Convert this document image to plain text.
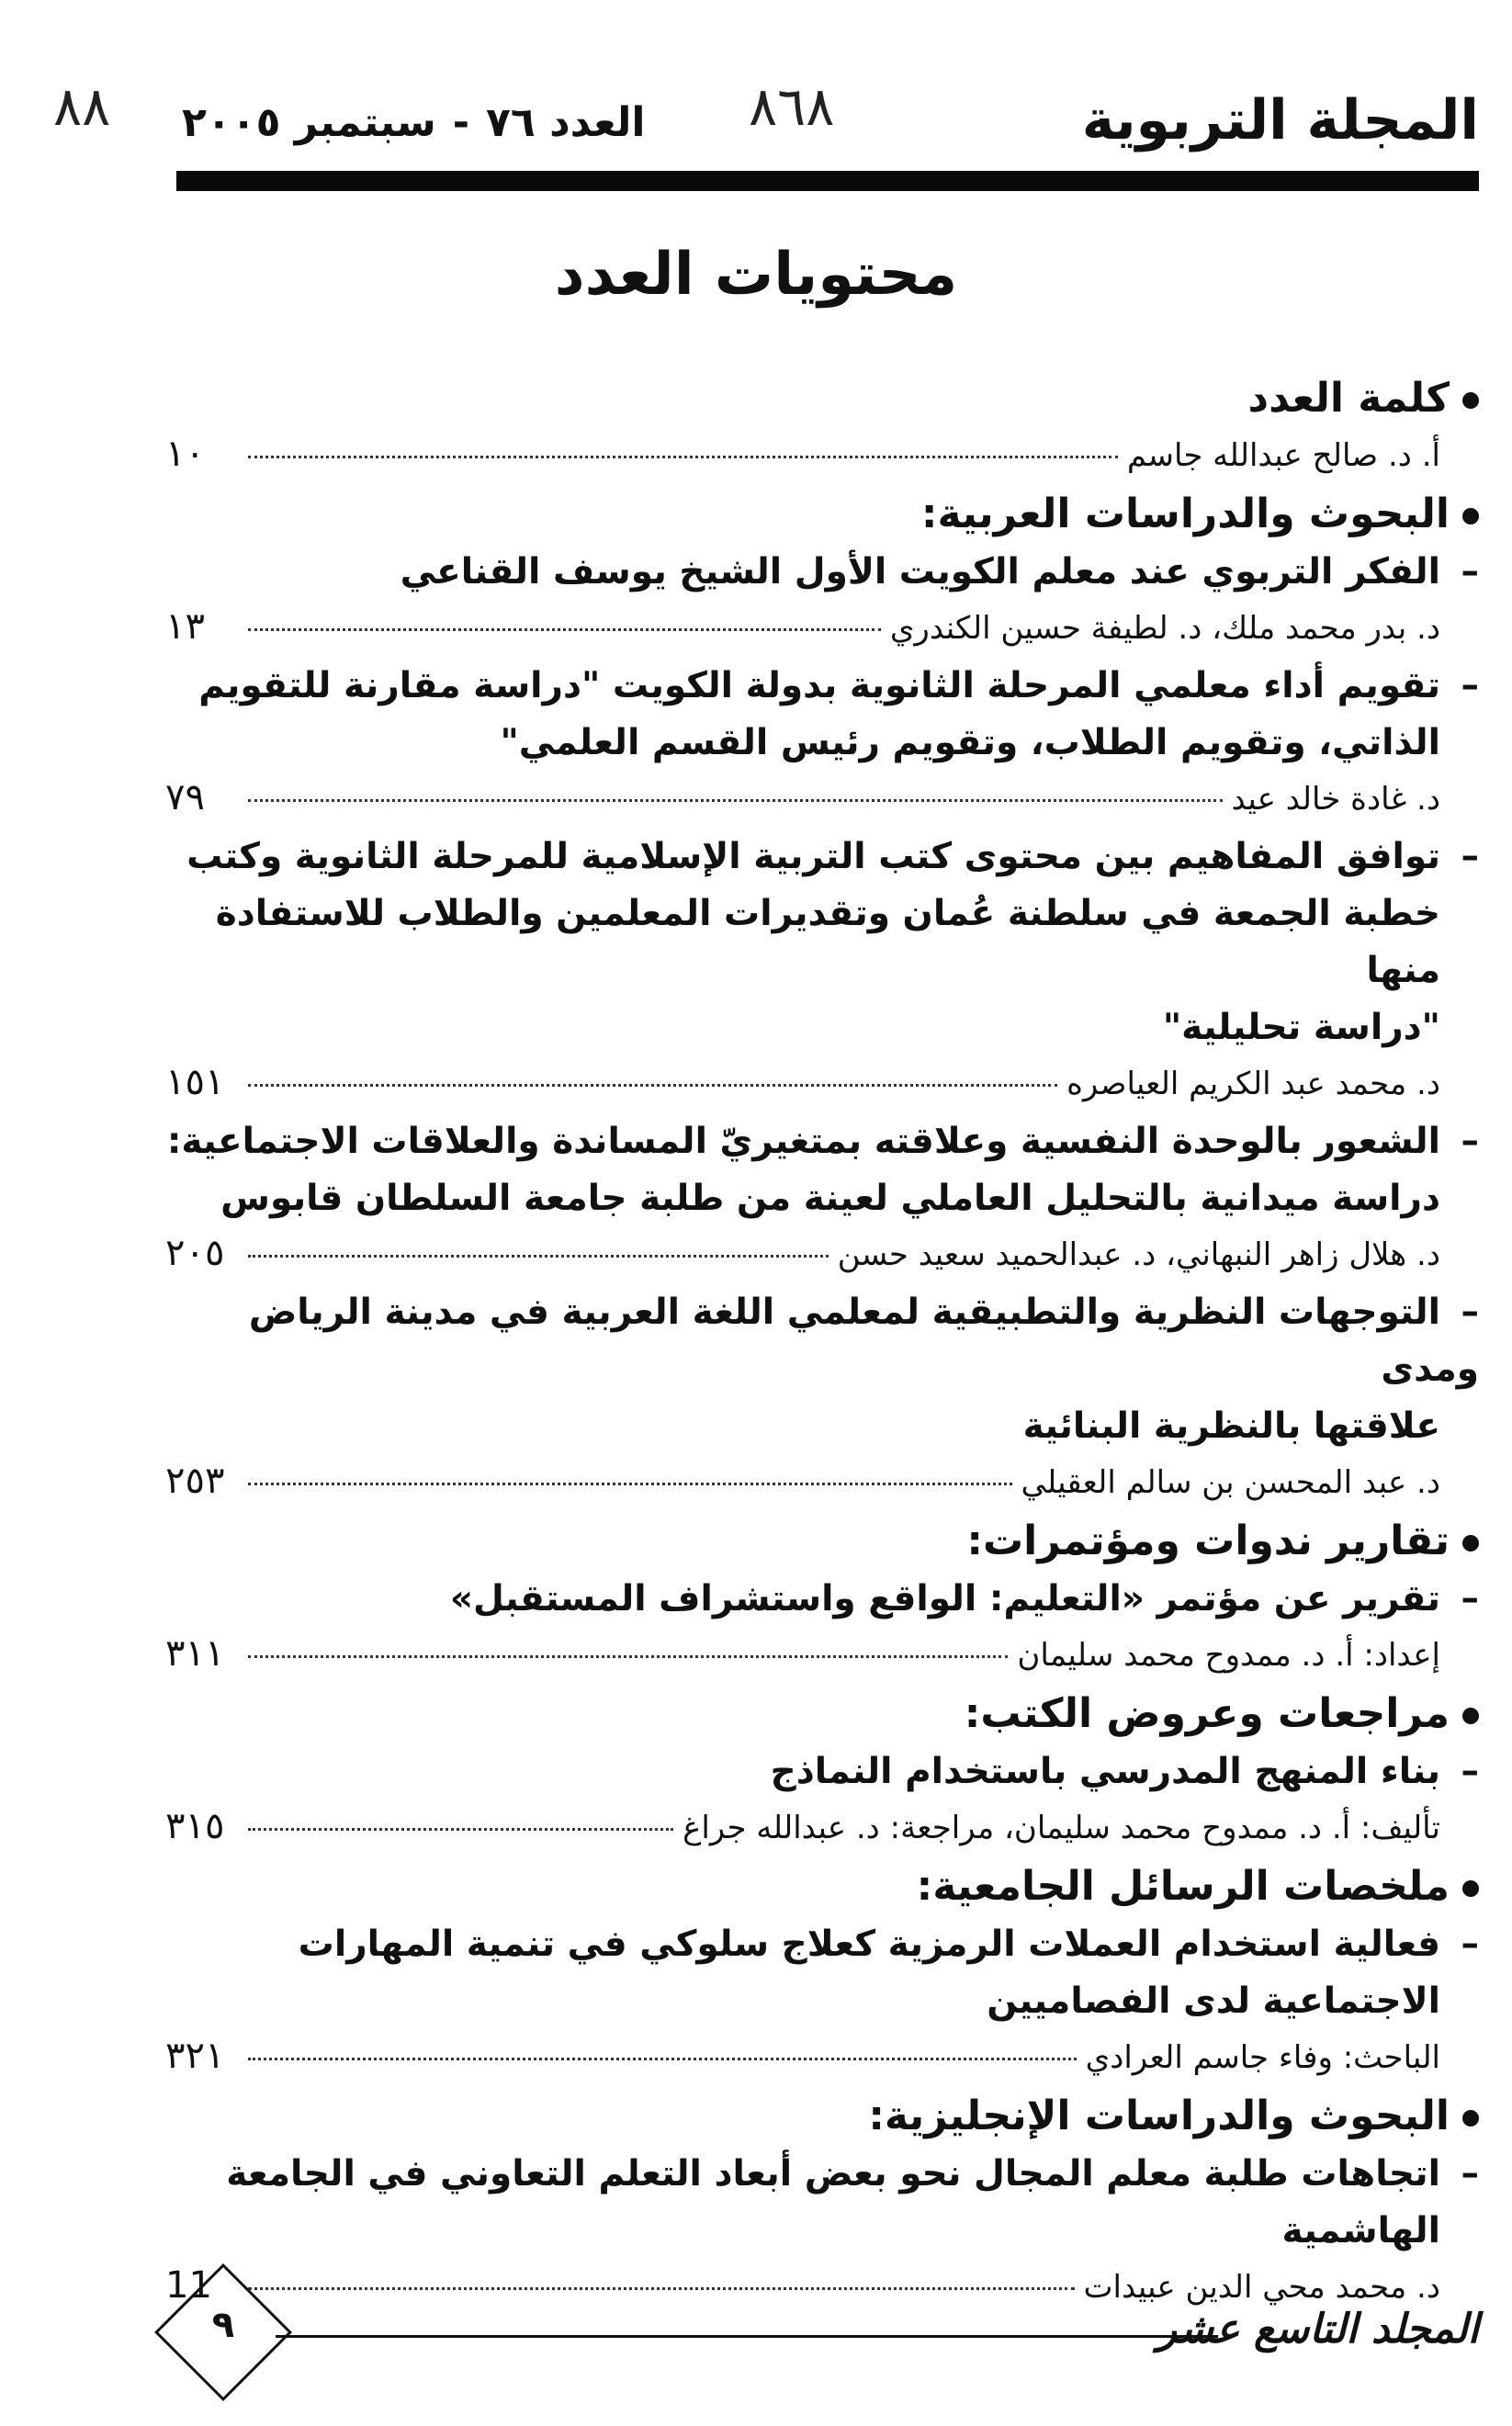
٨٨	٨٦٨	المجلة التربوية
العدد ٧٦-سبتمبر ٢٠٠٥
محتويات العدد
كلمة العدد
أ. د. صالح عبدالله جاسم
١٠
البحوث والدراسات العربية:
–الفكر التربوي عند معلم الكويت الأول الشيخ يوسف القناعي
د. بدر محمد ملك، د. لطيفة حسين الكندري
١٣
–تقويم أداء معلمي المرحلة الثانوية بدولة الكويت "دراسة مقارنة للتقويم
الذاتي، وتقويم الطلاب، وتقويم رئيس القسم العلمي"
د. غادة خالد عيد
٧٩
–توافق المفاهيم بين محتوى كتب التربية الإسلامية للمرحلة الثانوية وكتب
خطبة الجمعة في سلطنة عُمان وتقديرات المعلمين والطلاب للاستفادة منها
"دراسة تحليلية"
د. محمد عبد الكريم العياصره
١٥١
–الشعور بالوحدة النفسية وعلاقته بمتغيريّ المساندة والعلاقات الاجتماعية:
دراسة ميدانية بالتحليل العاملي لعينة من طلبة جامعة السلطان قابوس
د. هلال زاهر النبهاني، د. عبدالحميد سعيد حسن
٢٠٥
–التوجهات النظرية والتطبيقية لمعلمي اللغة العربية في مدينة الرياض ومدى
علاقتها بالنظرية البنائية
د. عبد المحسن بن سالم العقيلي
٢٥٣
تقارير ندوات ومؤتمرات:
–تقرير عن مؤتمر «التعليم: الواقع واستشراف المستقبل»
إعداد: أ. د. ممدوح محمد سليمان
٣١١
مراجعات وعروض الكتب:
–بناء المنهج المدرسي باستخدام النماذج
تأليف: أ. د. ممدوح محمد سليمان، مراجعة: د. عبدالله جراغ
٣١٥
ملخصات الرسائل الجامعية:
–فعالية استخدام العملات الرمزية كعلاج سلوكي في تنمية المهارات
الاجتماعية لدى الفصاميين
الباحث: وفاء جاسم العرادي
٣٢١
البحوث والدراسات الإنجليزية:
–اتجاهات طلبة معلم المجال نحو بعض أبعاد التعلم التعاوني في الجامعة
الهاشمية
د. محمد محي الدين عبيدات
11
المجلد التاسع عشر
٩
